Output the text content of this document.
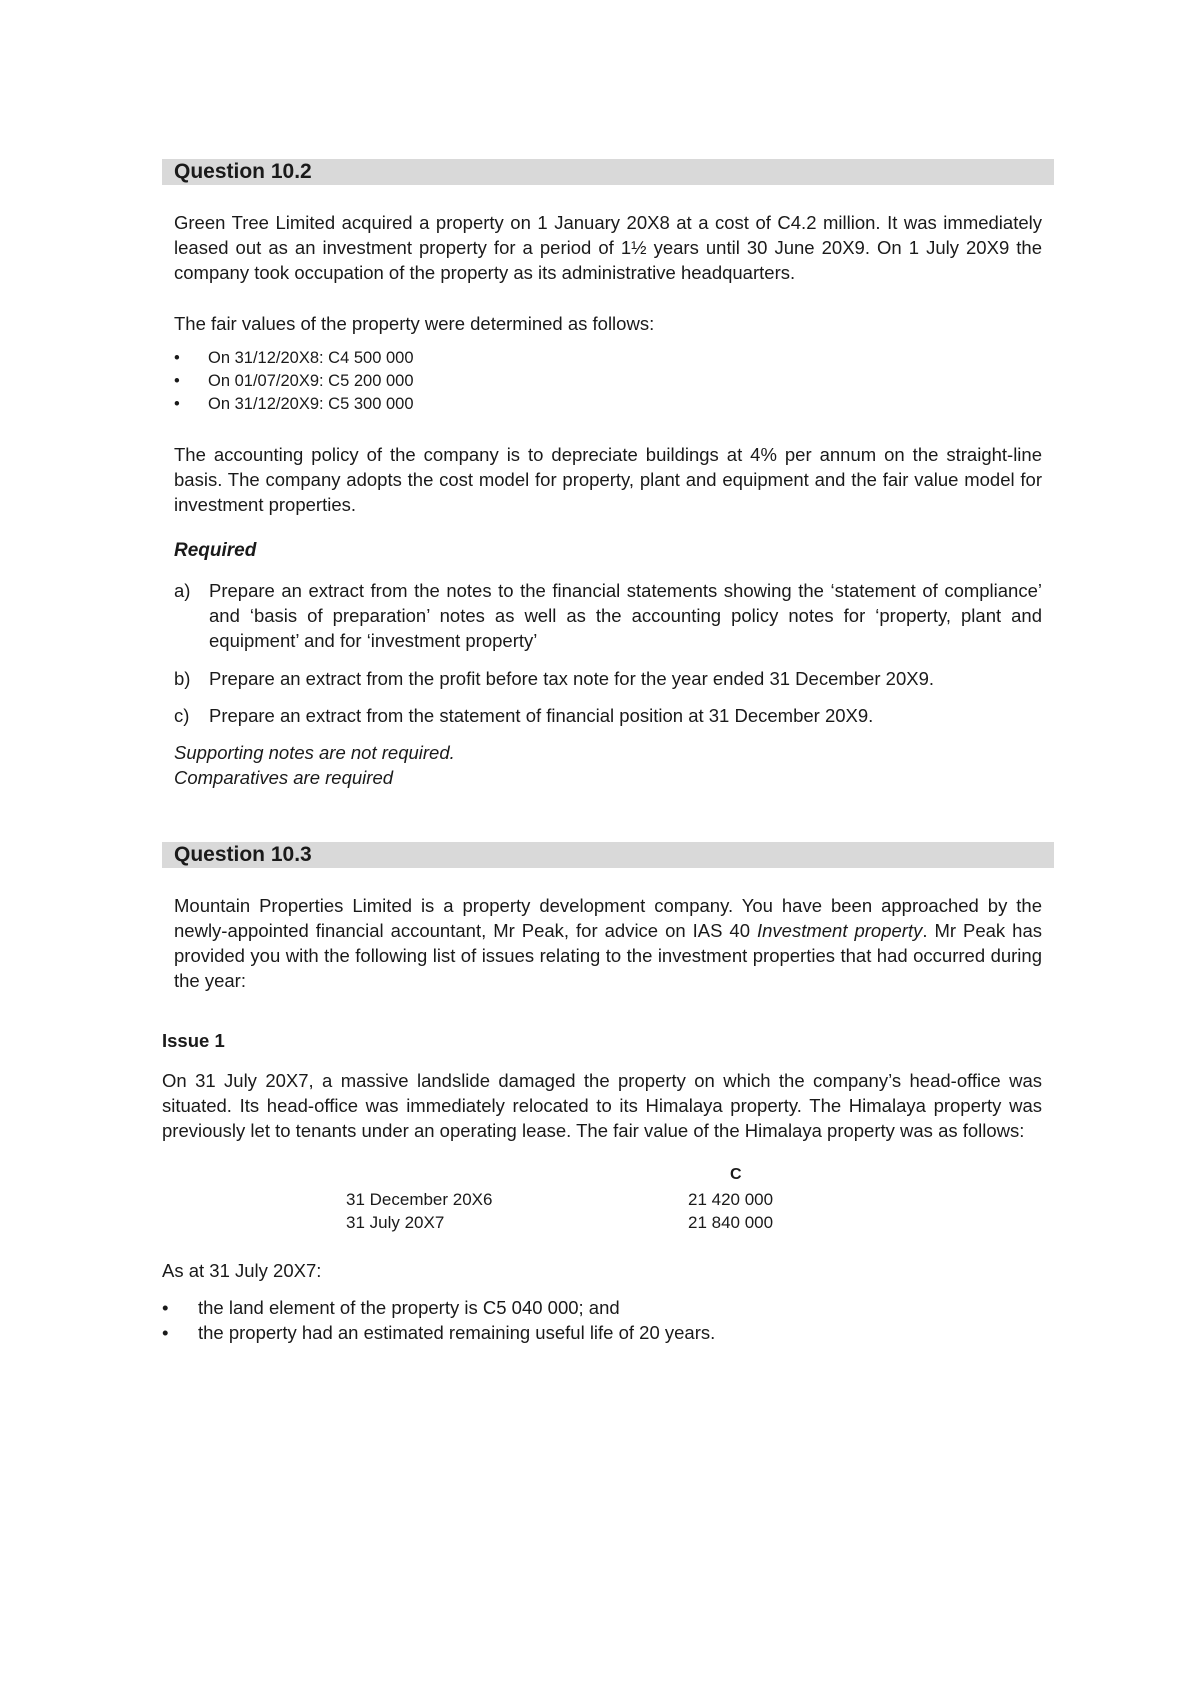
Question 10.2
Green Tree Limited acquired a property on 1 January 20X8 at a cost of C4.2 million. It was immediately leased out as an investment property for a period of 1½ years until 30 June 20X9. On 1 July 20X9 the company took occupation of the property as its administrative headquarters.
The fair values of the property were determined as follows:
• On 31/12/20X8: C4 500 000
• On 01/07/20X9: C5 200 000
• On 31/12/20X9: C5 300 000
The accounting policy of the company is to depreciate buildings at 4% per annum on the straight-line basis. The company adopts the cost model for property, plant and equipment and the fair value model for investment properties.
Required
a) Prepare an extract from the notes to the financial statements showing the ‘statement of compliance’ and ‘basis of preparation’ notes as well as the accounting policy notes for ‘property, plant and equipment’ and for ‘investment property’
b) Prepare an extract from the profit before tax note for the year ended 31 December 20X9.
c) Prepare an extract from the statement of financial position at 31 December 20X9.
Supporting notes are not required.
Comparatives are required
Question 10.3
Mountain Properties Limited is a property development company. You have been approached by the newly-appointed financial accountant, Mr Peak, for advice on IAS 40 Investment property. Mr Peak has provided you with the following list of issues relating to the investment properties that had occurred during the year:
Issue 1
On 31 July 20X7, a massive landslide damaged the property on which the company’s head-office was situated. Its head-office was immediately relocated to its Himalaya property. The Himalaya property was previously let to tenants under an operating lease. The fair value of the Himalaya property was as follows:
C
31 December 20X6	21 420 000
31 July 20X7	21 840 000
As at 31 July 20X7:
• the land element of the property is C5 040 000; and
• the property had an estimated remaining useful life of 20 years.
